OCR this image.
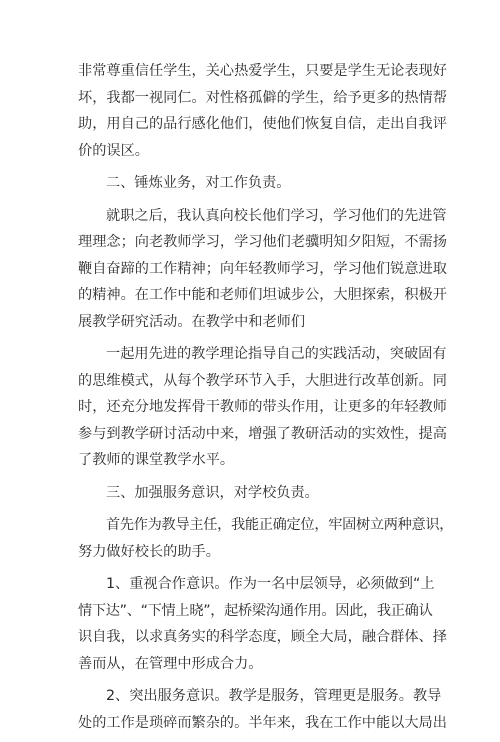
非常尊重信任学生，关心热爱学生，只要是学生无论表现好
坏，我都一视同仁。对性格孤僻的学生，给予更多的热情帮
助，用自己的品行感化他们，使他们恢复自信，走出自我评
价的误区。
二、锤炼业务，对工作负责。
就职之后，我认真向校长他们学习，学习他们的先进管
理理念；向老教师学习，学习他们老骥明知夕阳短，不需扬
鞭自奋蹄的工作精神；向年轻教师学习，学习他们锐意进取
的精神。在工作中能和老师们坦诚步公，大胆探索，积极开
展教学研究活动。在教学中和老师们
一起用先进的教学理论指导自己的实践活动，突破固有
的思维模式，从每个教学环节入手，大胆进行改革创新。同
时，还充分地发挥骨干教师的带头作用，让更多的年轻教师
参与到教学研讨活动中来，增强了教研活动的实效性，提高
了教师的课堂教学水平。
三、加强服务意识，对学校负责。
首先作为教导主任，我能正确定位，牢固树立两种意识，
努力做好校长的助手。
1、重视合作意识。作为一名中层领导，必须做到“上
情下达”、“下情上晓”，起桥梁沟通作用。因此，我正确认
识自我，以求真务实的科学态度，顾全大局，融合群体、择
善而从，在管理中形成合力。
2、突出服务意识。教学是服务，管理更是服务。教导
处的工作是琐碎而繁杂的。半年来，我在工作中能以大局出
